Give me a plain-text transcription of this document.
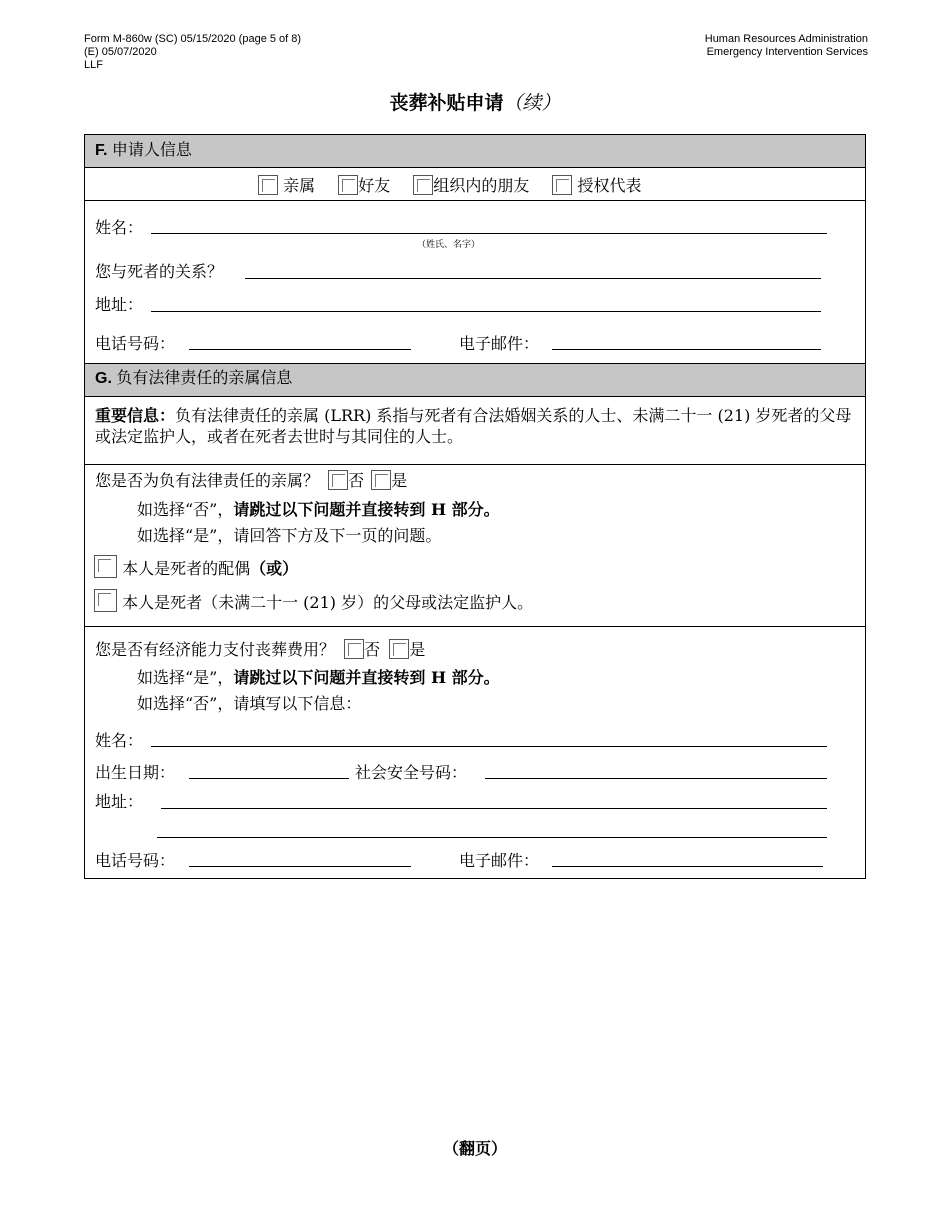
Form M-860w (SC) 05/15/2020 (page 5 of 8)
(E) 05/07/2020
LLF
Human Resources Administration
Emergency Intervention Services
丧葬补贴申请（续）
F. 申请人信息
亲属	好友	组织内的朋友	授权代表
姓名：
（姓氏、名字）
您与死者的关系？
地址：
电话号码：	电子邮件：
G. 负有法律责任的亲属信息
重要信息：负有法律责任的亲属 (LRR) 系指与死者有合法婚姻关系的人士、未满二十一 (21) 岁死者的父母或法定监护人，或者在死者去世时与其同住的人士。
您是否为负有法律责任的亲属？ 否 是
如选择“否”，请跳过以下问题并直接转到 H 部分。
如选择“是”，请回答下方及下一页的问题。
本人是死者的配偶（或）
本人是死者（未满二十一 (21) 岁）的父母或法定监护人。
您是否有经济能力支付丧葬费用？ 否 是
如选择“是”，请跳过以下问题并直接转到 H 部分。
如选择“否”，请填写以下信息：
姓名：
出生日期：	社会安全号码：
地址：
电话号码：	电子邮件：
（翻页）
